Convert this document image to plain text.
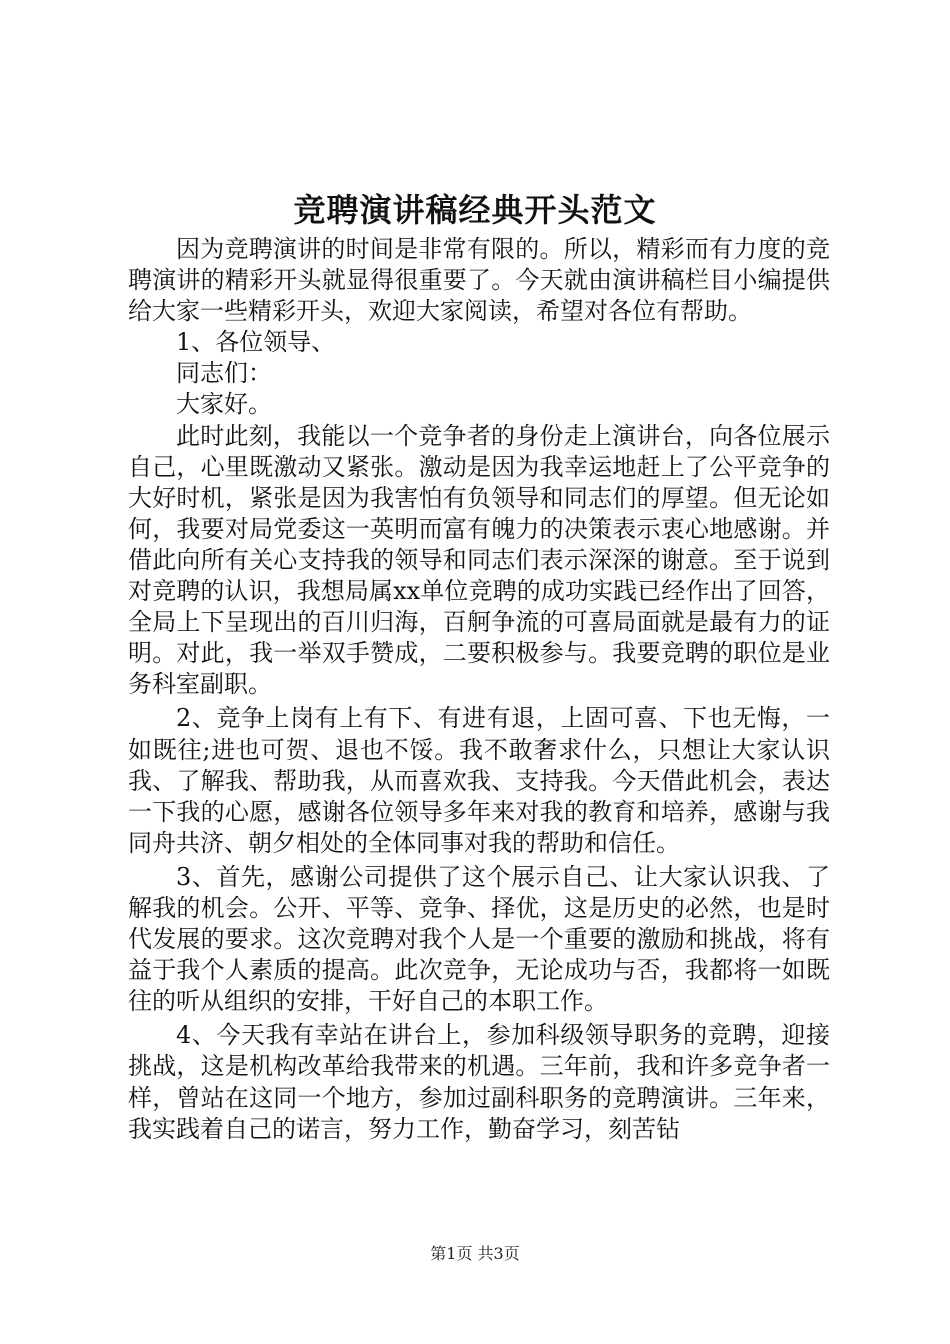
竞聘演讲稿经典开头范文

因为竞聘演讲的时间是非常有限的。所以，精彩而有力度的竞聘演讲的精彩开头就显得很重要了。今天就由演讲稿栏目小编提供给大家一些精彩开头，欢迎大家阅读，希望对各位有帮助。

1、各位领导、

同志们：

大家好。

此时此刻，我能以一个竞争者的身份走上演讲台，向各位展示自己，心里既激动又紧张。激动是因为我幸运地赶上了公平竞争的大好时机，紧张是因为我害怕有负领导和同志们的厚望。但无论如何，我要对局党委这一英明而富有魄力的决策表示衷心地感谢。并借此向所有关心支持我的领导和同志们表示深深的谢意。至于说到对竞聘的认识，我想局属xx单位竞聘的成功实践已经作出了回答，全局上下呈现出的百川归海，百舸争流的可喜局面就是最有力的证明。对此，我一举双手赞成，二要积极参与。我要竞聘的职位是业务科室副职。

2、竞争上岗有上有下、有进有退，上固可喜、下也无悔，一如既往;进也可贺、退也不馁。我不敢奢求什么，只想让大家认识我、了解我、帮助我，从而喜欢我、支持我。今天借此机会，表达一下我的心愿，感谢各位领导多年来对我的教育和培养，感谢与我同舟共济、朝夕相处的全体同事对我的帮助和信任。

3、首先，感谢公司提供了这个展示自己、让大家认识我、了解我的机会。公开、平等、竞争、择优，这是历史的必然，也是时代发展的要求。这次竞聘对我个人是一个重要的激励和挑战，将有益于我个人素质的提高。此次竞争，无论成功与否，我都将一如既往的听从组织的安排，干好自己的本职工作。

4、今天我有幸站在讲台上，参加科级领导职务的竞聘，迎接挑战，这是机构改革给我带来的机遇。三年前，我和许多竞争者一样，曾站在这同一个地方，参加过副科职务的竞聘演讲。三年来，我实践着自己的诺言，努力工作，勤奋学习，刻苦钻

第1页 共3页
